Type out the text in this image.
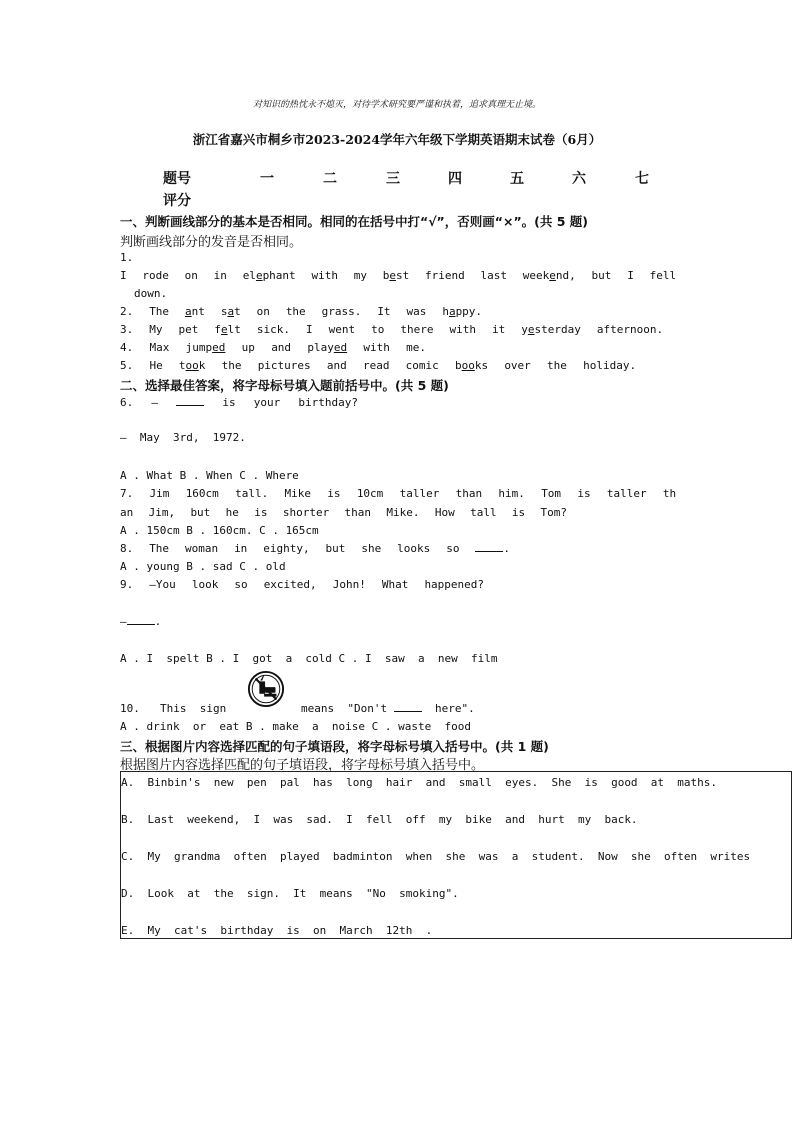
对知识的热忱永不熄灭，对待学术研究要严谨和执着，追求真理无止境。
浙江省嘉兴市桐乡市2023-2024学年六年级下学期英语期末试卷（6月）
题号	一	二	三	四	五	六	七
评分
一、判断画线部分的基本是否相同。相同的在括号中打“√”，否则画“×”。(共 5 题)
判断画线部分的发音是否相同。
1.
I rode on in elephant with my best friend last weekend, but I fell
down.
2. The ant sat on the grass. It was happy.
3. My pet felt sick. I went to there with it yesterday afternoon.
4. Max jumped up and played with me.
5. He took the pictures and read comic books over the holiday.
二、选择最佳答案，将字母标号填入题前括号中。(共 5 题)
6. —	is your birthday?
—  May  3rd,  1972.
A . What B . When C . Where
7. Jim 160cm tall. Mike is 10cm taller than him. Tom is taller th
an Jim, but he is shorter than Mike. How tall is Tom?
A . 150cm B . 160cm. C . 165cm
8. The woman in eighty, but she looks so	.
A . young B . sad C . old
9. —You look so excited, John! What happened?
—	.
A . I  spelt B . I  got  a  cold C . I  saw  a  new  film
10. This  sign	means  "Don't	here".
A . drink  or  eat B . make  a  noise C . waste  food
三、根据图片内容选择匹配的句子填语段，将字母标号填入括号中。(共 1 题)
根据图片内容选择匹配的句子填语段，将字母标号填入括号中。
A.  Binbin's  new  pen  pal  has  long  hair  and  small  eyes.  She  is  good  at  maths.
B.  Last  weekend,  I  was  sad.  I  fell  off  my  bike  and  hurt  my  back.
C.  My  grandma  often  played  badminton  when  she  was  a  student.  Now  she  often  writes
D.  Look  at  the  sign.  It  means  "No  smoking".
E.  My  cat's  birthday  is  on  March  12th  .
